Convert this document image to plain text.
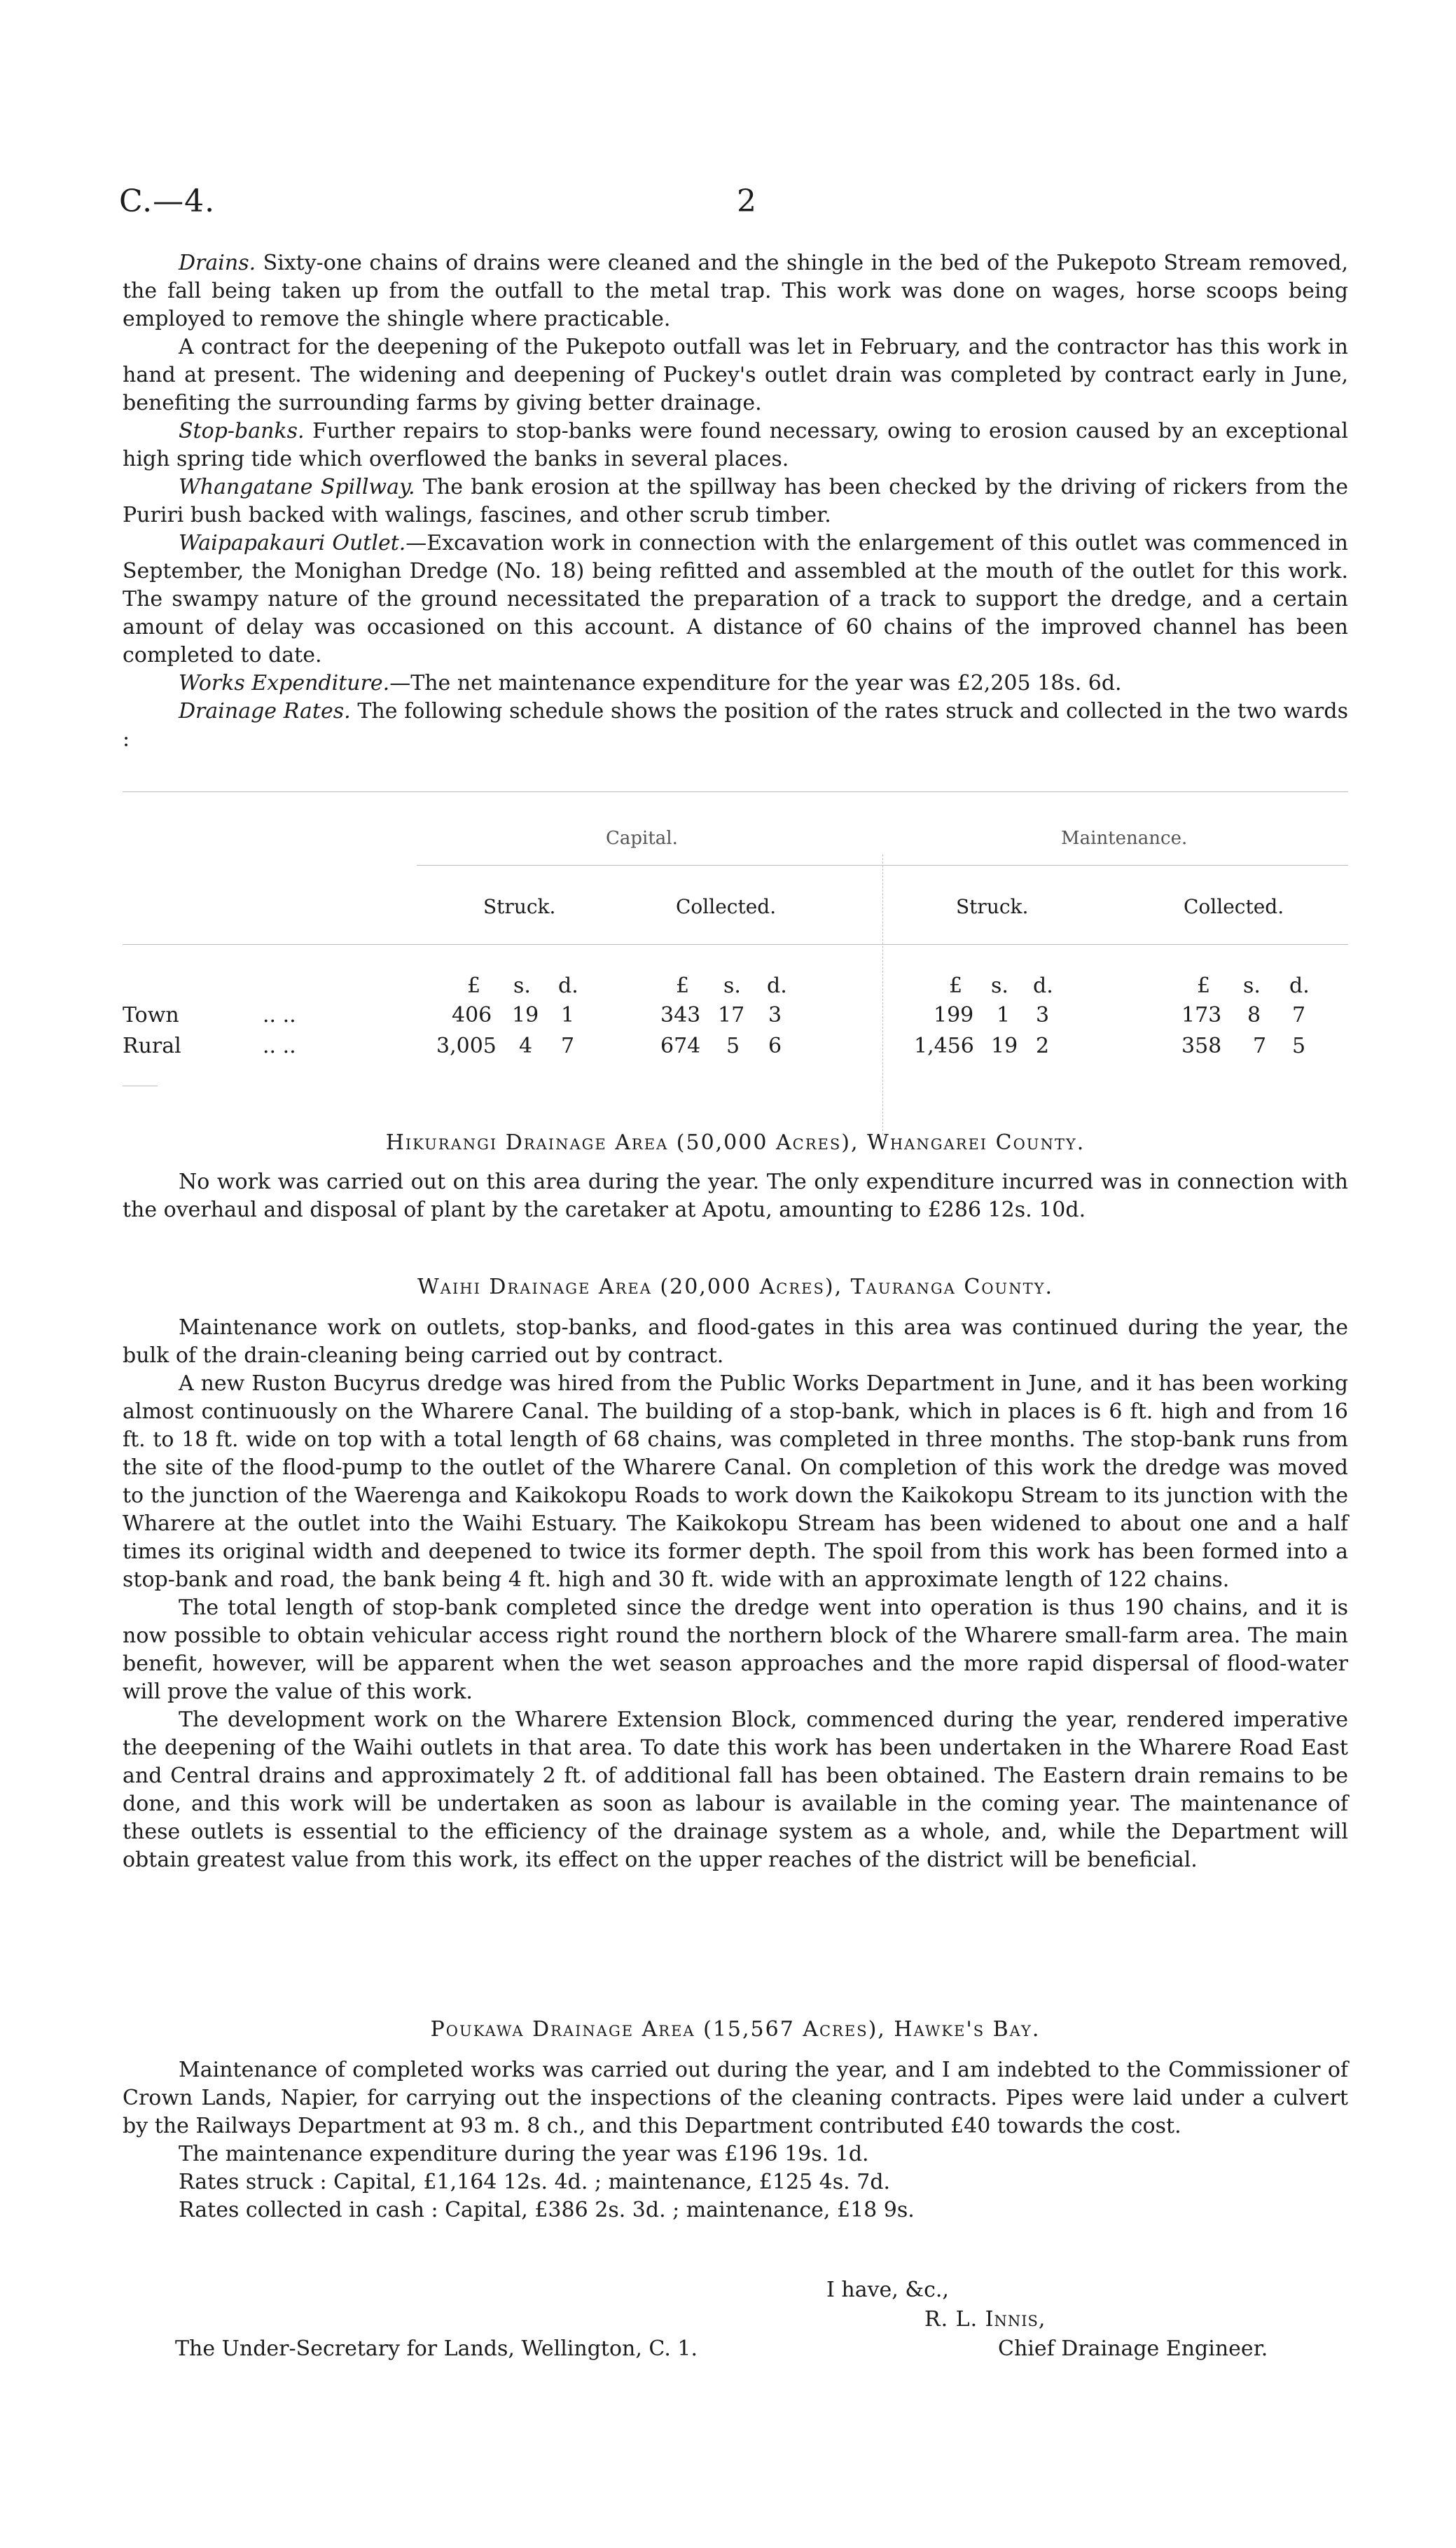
C.—4.	2

Drains. Sixty-one chains of drains were cleaned and the shingle in the bed of the Pukepoto Stream removed, the fall being taken up from the outfall to the metal trap. This work was done on wages, horse scoops being employed to remove the shingle where practicable.

A contract for the deepening of the Pukepoto outfall was let in February, and the contractor has this work in hand at present. The widening and deepening of Puckey's outlet drain was completed by contract early in June, benefiting the surrounding farms by giving better drainage.

Stop-banks. Further repairs to stop-banks were found necessary, owing to erosion caused by an exceptional high spring tide which overflowed the banks in several places.

Whangatane Spillway. The bank erosion at the spillway has been checked by the driving of rickers from the Puriri bush backed with walings, fascines, and other scrub timber.

Waipapakauri Outlet.—Excavation work in connection with the enlargement of this outlet was commenced in September, the Monighan Dredge (No. 18) being refitted and assembled at the mouth of the outlet for this work. The swampy nature of the ground necessitated the preparation of a track to support the dredge, and a certain amount of delay was occasioned on this account. A distance of 60 chains of the improved channel has been completed to date.

Works Expenditure.—The net maintenance expenditure for the year was £2,205 18s. 6d.

Drainage Rates. The following schedule shows the position of the rates struck and collected in the two wards :

Capital.	Maintenance.
Struck.	Collected.	Struck.	Collected.
£ s. d.	£ s. d.	£ s. d.	£ s. d.
Town	.. ..	406 19 1	343 17 3	199 1 3	173 8 7
Rural	.. ..	3,005 4 7	674 5 6	1,456 19 2	358 7 5
Hikurangi Drainage Area (50,000 Acres), Whangarei County.

No work was carried out on this area during the year. The only expenditure incurred was in connection with the overhaul and disposal of plant by the caretaker at Apotu, amounting to £286 12s. 10d.

Waihi Drainage Area (20,000 Acres), Tauranga County.

Maintenance work on outlets, stop-banks, and flood-gates in this area was continued during the year, the bulk of the drain-cleaning being carried out by contract.

A new Ruston Bucyrus dredge was hired from the Public Works Department in June, and it has been working almost continuously on the Wharere Canal. The building of a stop-bank, which in places is 6 ft. high and from 16 ft. to 18 ft. wide on top with a total length of 68 chains, was completed in three months. The stop-bank runs from the site of the flood-pump to the outlet of the Wharere Canal. On completion of this work the dredge was moved to the junction of the Waerenga and Kaikokopu Roads to work down the Kaikokopu Stream to its junction with the Wharere at the outlet into the Waihi Estuary. The Kaikokopu Stream has been widened to about one and a half times its original width and deepened to twice its former depth. The spoil from this work has been formed into a stop-bank and road, the bank being 4 ft. high and 30 ft. wide with an approximate length of 122 chains.

The total length of stop-bank completed since the dredge went into operation is thus 190 chains, and it is now possible to obtain vehicular access right round the northern block of the Wharere small-farm area. The main benefit, however, will be apparent when the wet season approaches and the more rapid dispersal of flood-water will prove the value of this work.

The development work on the Wharere Extension Block, commenced during the year, rendered imperative the deepening of the Waihi outlets in that area. To date this work has been undertaken in the Wharere Road East and Central drains and approximately 2 ft. of additional fall has been obtained. The Eastern drain remains to be done, and this work will be undertaken as soon as labour is available in the coming year. The maintenance of these outlets is essential to the efficiency of the drainage system as a whole, and, while the Department will obtain greatest value from this work, its effect on the upper reaches of the district will be beneficial.

Poukawa Drainage Area (15,567 Acres), Hawke's Bay.

Maintenance of completed works was carried out during the year, and I am indebted to the Commissioner of Crown Lands, Napier, for carrying out the inspections of the cleaning contracts. Pipes were laid under a culvert by the Railways Department at 93 m. 8 ch., and this Department contributed £40 towards the cost.

The maintenance expenditure during the year was £196 19s. 1d.

Rates struck : Capital, £1,164 12s. 4d. ; maintenance, £125 4s. 7d.

Rates collected in cash : Capital, £386 2s. 3d. ; maintenance, £18 9s.

I have, &c.,
R. L. Innis,
The Under-Secretary for Lands, Wellington, C. 1.	Chief Drainage Engineer.
